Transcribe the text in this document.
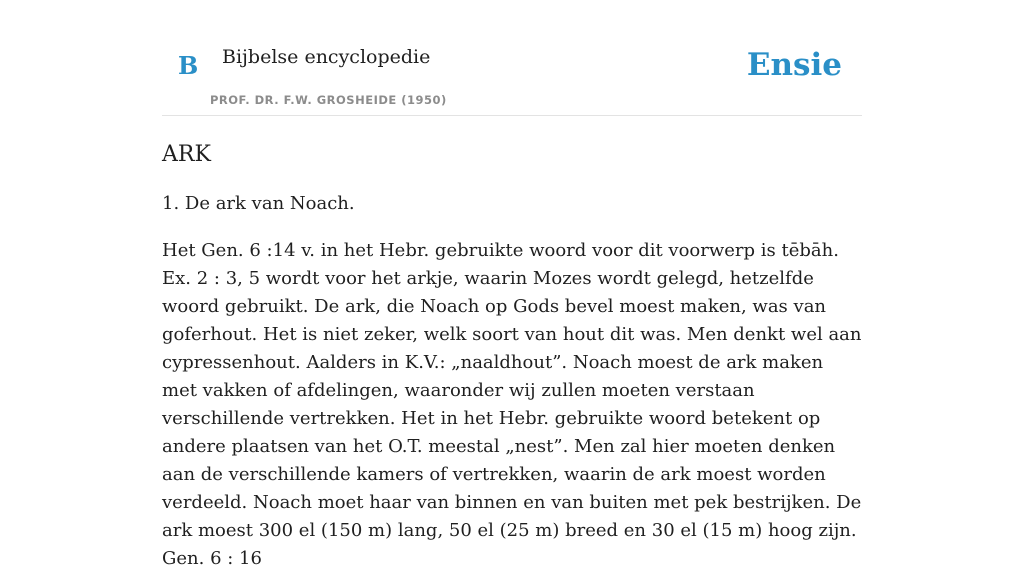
B Bijbelse encyclopedie
PROF. DR. F.W. GROSHEIDE (1950)
Ensie
ARK

1. De ark van Noach.

Het Gen. 6 :14 v. in het Hebr. gebruikte woord voor dit voorwerp is tēbāh. Ex. 2 : 3, 5 wordt voor het arkje, waarin Mozes wordt gelegd, hetzelfde woord gebruikt. De ark, die Noach op Gods bevel moest maken, was van goferhout. Het is niet zeker, welk soort van hout dit was. Men denkt wel aan cypressenhout. Aalders in K.V.: „naaldhout”. Noach moest de ark maken met vakken of afdelingen, waaronder wij zullen moeten verstaan verschillende vertrekken. Het in het Hebr. gebruikte woord betekent op andere plaatsen van het O.T. meestal „nest”. Men zal hier moeten denken aan de verschillende kamers of vertrekken, waarin de ark moest worden verdeeld. Noach moet haar van binnen en van buiten met pek bestrijken. De ark moest 300 el (150 m) lang, 50 el (25 m) breed en 30 el (15 m) hoog zijn. Gen. 6 : 16
